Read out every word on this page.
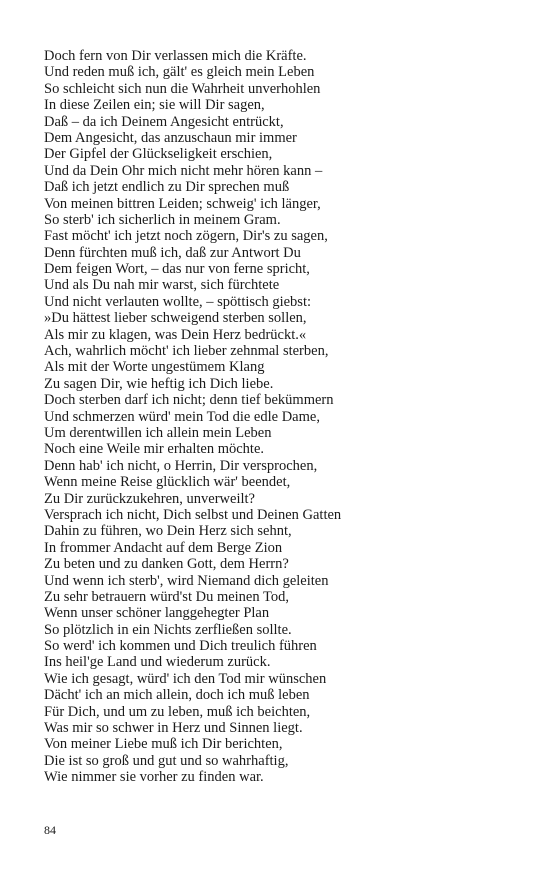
Doch fern von Dir verlassen mich die Kräfte.
Und reden muß ich, gält' es gleich mein Leben
So schleicht sich nun die Wahrheit unverhohlen
In diese Zeilen ein; sie will Dir sagen,
Daß – da ich Deinem Angesicht entrückt,
Dem Angesicht, das anzuschaun mir immer
Der Gipfel der Glückseligkeit erschien,
Und da Dein Ohr mich nicht mehr hören kann –
Daß ich jetzt endlich zu Dir sprechen muß
Von meinen bittren Leiden; schweig' ich länger,
So sterb' ich sicherlich in meinem Gram.
Fast möcht' ich jetzt noch zögern, Dir's zu sagen,
Denn fürchten muß ich, daß zur Antwort Du
Dem feigen Wort, – das nur von ferne spricht,
Und als Du nah mir warst, sich fürchtete
Und nicht verlauten wollte, – spöttisch giebst:
»Du hättest lieber schweigend sterben sollen,
Als mir zu klagen, was Dein Herz bedrückt.«
Ach, wahrlich möcht' ich lieber zehnmal sterben,
Als mit der Worte ungestümem Klang
Zu sagen Dir, wie heftig ich Dich liebe.
Doch sterben darf ich nicht; denn tief bekümmern
Und schmerzen würd' mein Tod die edle Dame,
Um derentwillen ich allein mein Leben
Noch eine Weile mir erhalten möchte.
Denn hab' ich nicht, o Herrin, Dir versprochen,
Wenn meine Reise glücklich wär' beendet,
Zu Dir zurückzukehren, unverweilt?
Versprach ich nicht, Dich selbst und Deinen Gatten
Dahin zu führen, wo Dein Herz sich sehnt,
In frommer Andacht auf dem Berge Zion
Zu beten und zu danken Gott, dem Herrn?
Und wenn ich sterb', wird Niemand dich geleiten
Zu sehr betrauern würd'st Du meinen Tod,
Wenn unser schöner langgehegter Plan
So plötzlich in ein Nichts zerfließen sollte.
So werd' ich kommen und Dich treulich führen
Ins heil'ge Land und wiederum zurück.
Wie ich gesagt, würd' ich den Tod mir wünschen
Dächt' ich an mich allein, doch ich muß leben
Für Dich, und um zu leben, muß ich beichten,
Was mir so schwer in Herz und Sinnen liegt.
Von meiner Liebe muß ich Dir berichten,
Die ist so groß und gut und so wahrhaftig,
Wie nimmer sie vorher zu finden war.
84
